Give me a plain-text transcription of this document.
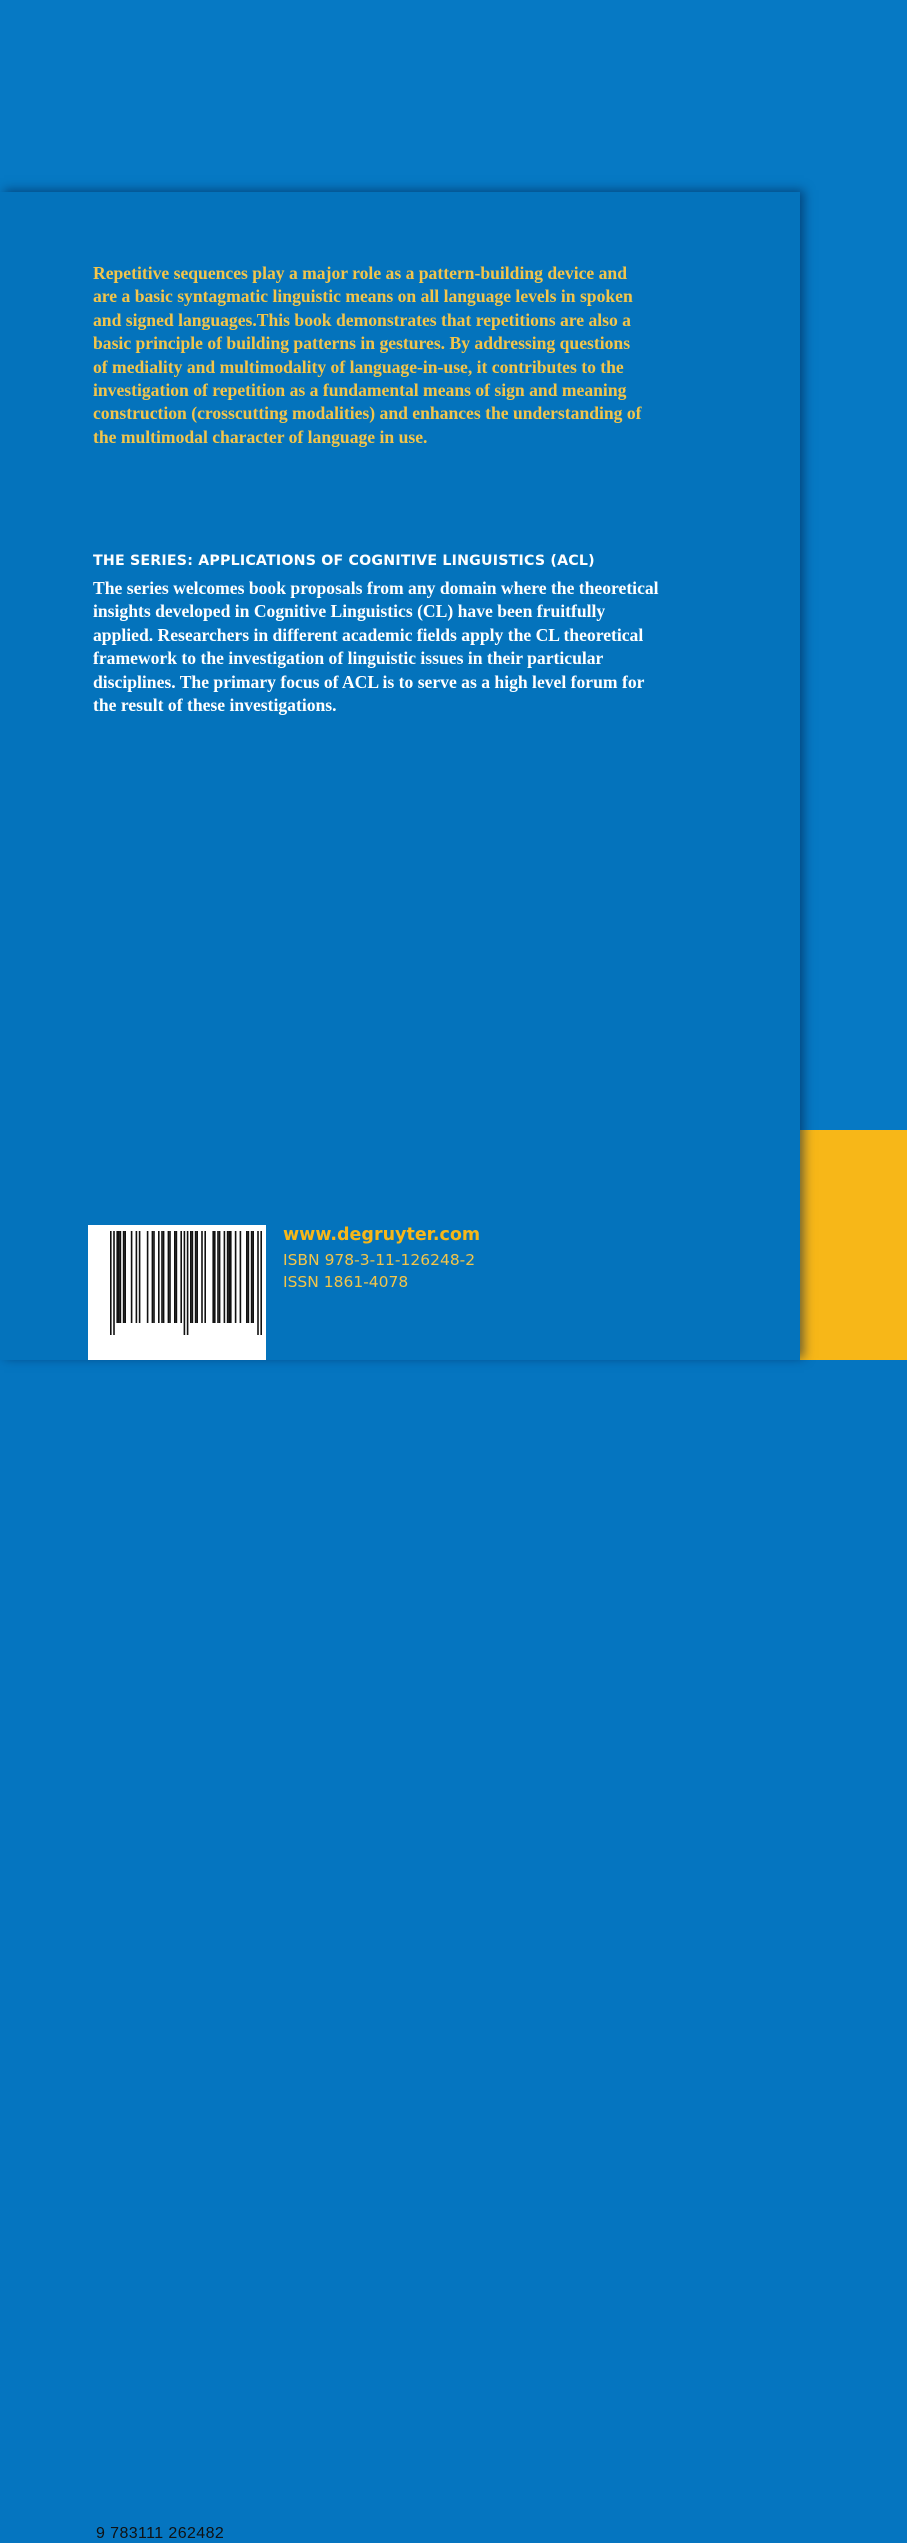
Repetitive sequences play a major role as a pattern-building device and
are a basic syntagmatic linguistic means on all language levels in spoken
and signed languages.This book demonstrates that repetitions are also a
basic principle of building patterns in gestures. By addressing questions
of mediality and multimodality of language-in-use, it contributes to the
investigation of repetition as a fundamental means of sign and meaning
construction (crosscutting modalities) and enhances the understanding of
the multimodal character of language in use.

THE SERIES: APPLICATIONS OF COGNITIVE LINGUISTICS (ACL)

The series welcomes book proposals from any domain where the theoretical
insights developed in Cognitive Linguistics (CL) have been fruitfully
applied. Researchers in different academic fields apply the CL theoretical
framework to the investigation of linguistic issues in their particular
disciplines. The primary focus of ACL is to serve as a high level forum for
the result of these investigations.

9 783111 262482

www.degruyter.com

ISBN 978-3-11-126248-2

ISSN 1861-4078
